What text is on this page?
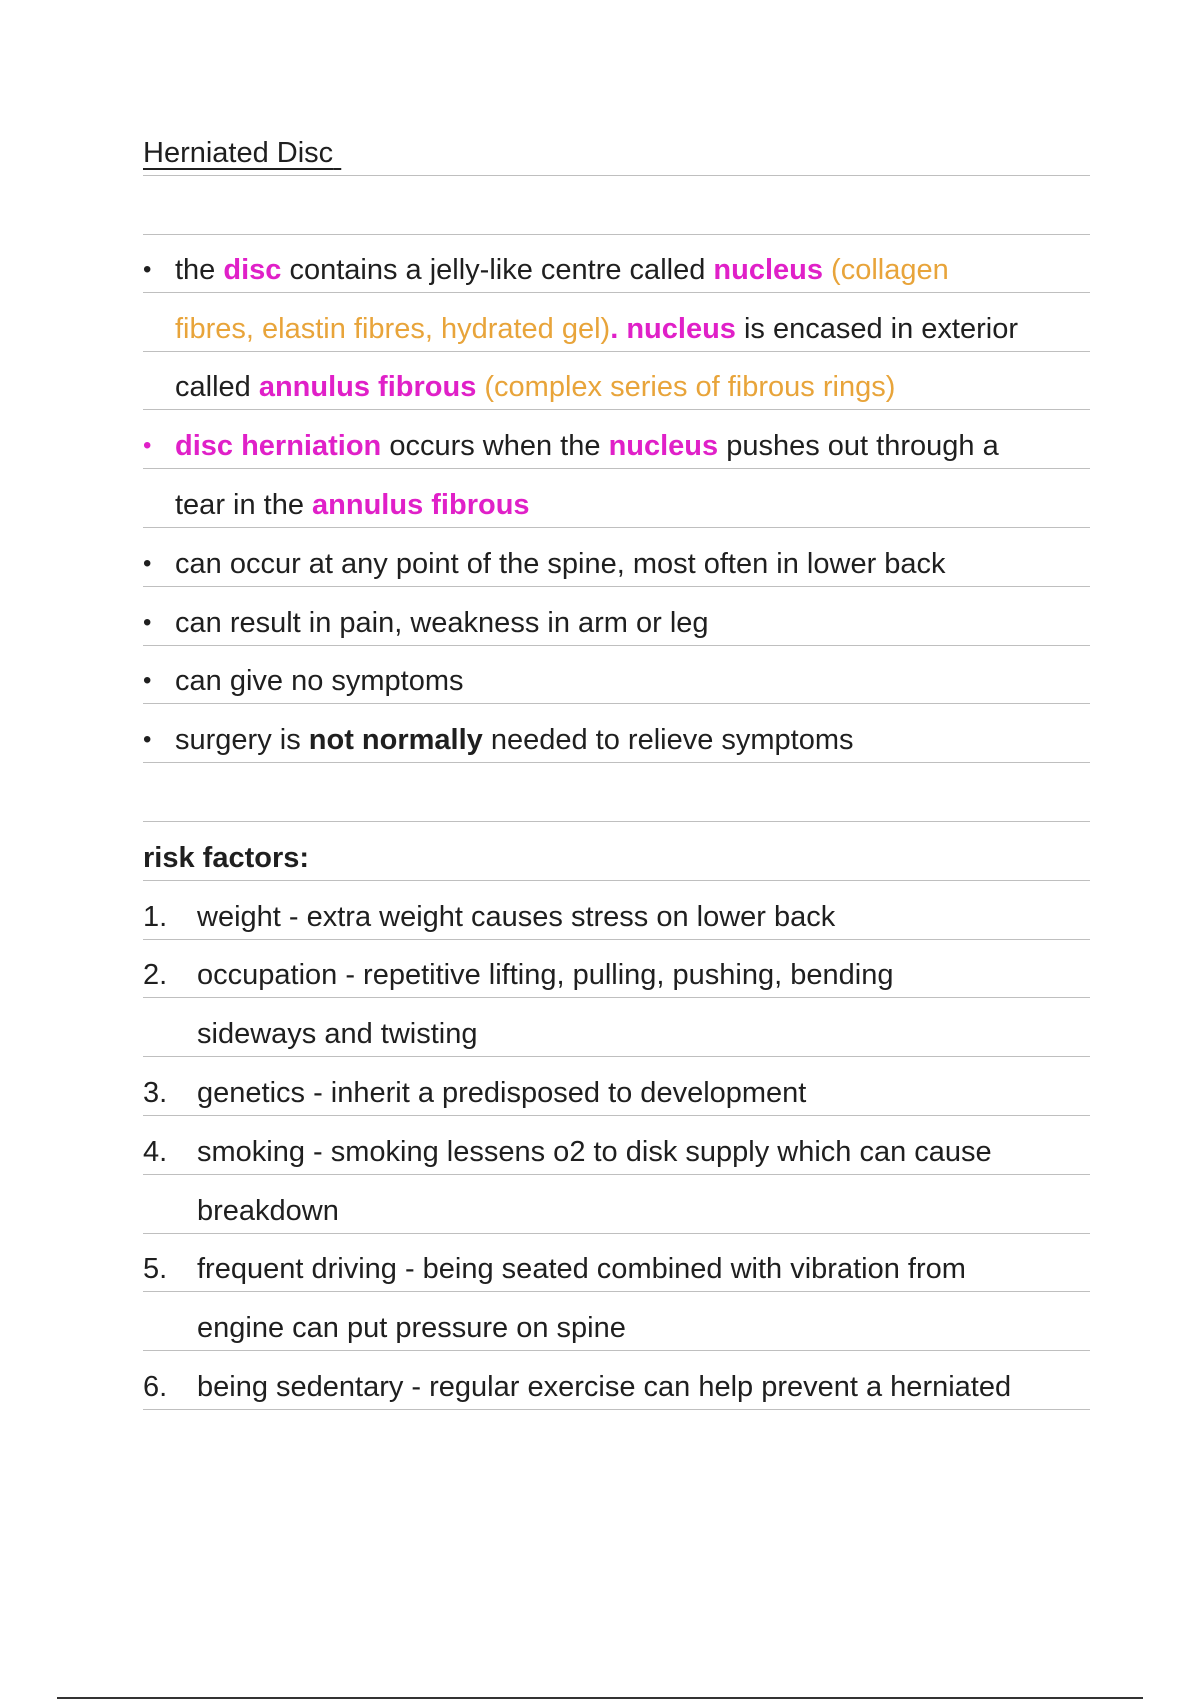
Herniated Disc
• the disc contains a jelly-like centre called nucleus (collagen
fibres, elastin fibres, hydrated gel). nucleus is encased in exterior
called annulus fibrous (complex series of fibrous rings)
• disc herniation occurs when the nucleus pushes out through a
tear in the annulus fibrous
• can occur at any point of the spine, most often in lower back
• can result in pain, weakness in arm or leg
• can give no symptoms
• surgery is not normally needed to relieve symptoms
risk factors:
1. weight - extra weight causes stress on lower back
2. occupation - repetitive lifting, pulling, pushing, bending
sideways and twisting
3. genetics - inherit a predisposed to development
4. smoking - smoking lessens o2 to disk supply which can cause
breakdown
5. frequent driving - being seated combined with vibration from
engine can put pressure on spine
6. being sedentary - regular exercise can help prevent a herniated
